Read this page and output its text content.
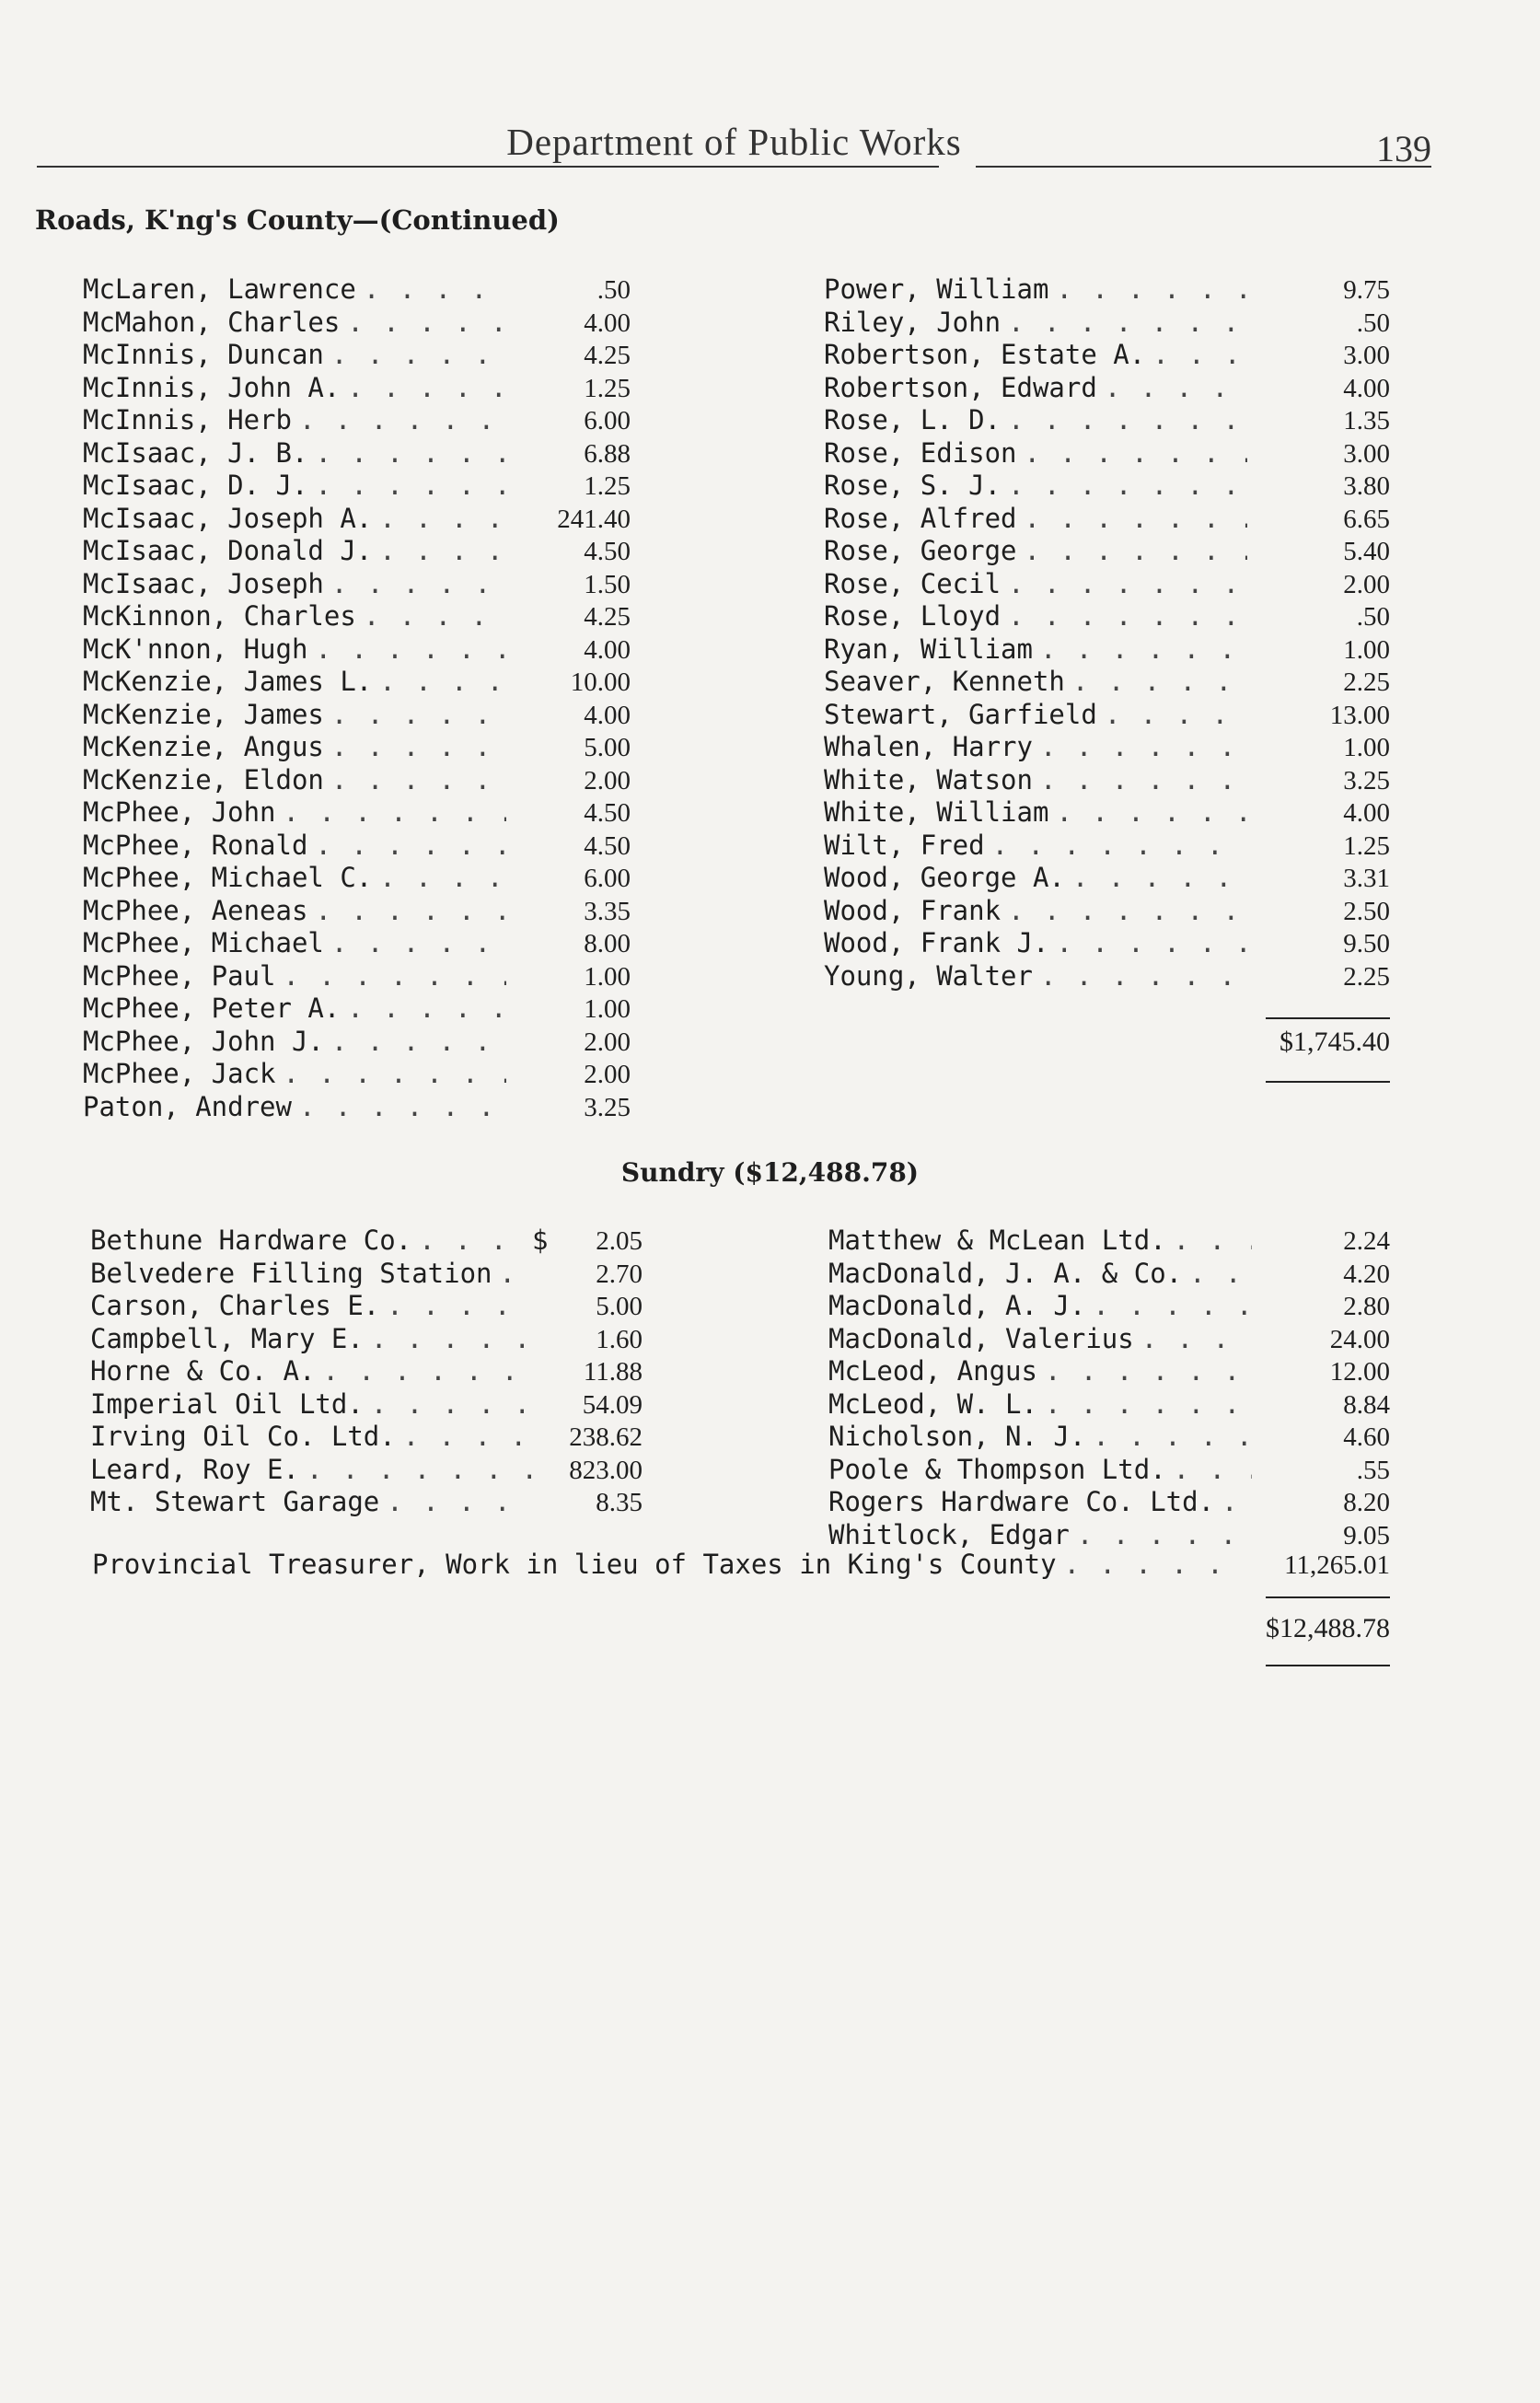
Department of Public Works	139
Roads, K'ng's County—(Continued)
McLaren, Lawrence . . .	.50
McMahon, Charles . . .	4.00
McInnis, Duncan . . .	4.25
McInnis, John A. . . .	1.25
McInnis, Herb . . .	6.00
McIsaac, J. B. . . .	6.88
McIsaac, D. J. . . .	1.25
McIsaac, Joseph A. . . .	241.40
McIsaac, Donald J. . . .	4.50
McIsaac, Joseph . . .	1.50
McKinnon, Charles . . .	4.25
McK'nnon, Hugh . . .	4.00
McKenzie, James L. . . .	10.00
McKenzie, James . . .	4.00
McKenzie, Angus . . .	5.00
McKenzie, Eldon . . .	2.00
McPhee, John . . .	4.50
McPhee, Ronald . . .	4.50
McPhee, Michael C. . . .	6.00
McPhee, Aeneas . . .	3.35
McPhee, Michael . . .	8.00
McPhee, Paul . . .	1.00
McPhee, Peter A. . . .	1.00
McPhee, John J. . . .	2.00
McPhee, Jack . . .	2.00
Paton, Andrew . . .	3.25
Power, William . . .	9.75
Riley, John . . .	.50
Robertson, Estate A. . . .	3.00
Robertson, Edward . . .	4.00
Rose, L. D. . . .	1.35
Rose, Edison . . .	3.00
Rose, S. J. . . .	3.80
Rose, Alfred . . .	6.65
Rose, George . . .	5.40
Rose, Cecil . . .	2.00
Rose, Lloyd . . .	.50
Ryan, William . . .	1.00
Seaver, Kenneth . . .	2.25
Stewart, Garfield . . .	13.00
Whalen, Harry . . .	1.00
White, Watson . . .	3.25
White, William . . .	4.00
Wilt, Fred . . .	1.25
Wood, George A. . . .	3.31
Wood, Frank . . .	2.50
Wood, Frank J. . . .	9.50
Young, Walter . . .	2.25
$1,745.40
Sundry ($12,488.78)
Bethune Hardware Co. . . .	$	2.05
Belvedere Filling Station . . .	2.70
Carson, Charles E. . . .	5.00
Campbell, Mary E. . . .	1.60
Horne & Co. A. . . .	11.88
Imperial Oil Ltd. . . .	54.09
Irving Oil Co. Ltd. . . .	238.62
Leard, Roy E. . . .	823.00
Mt. Stewart Garage . . .	8.35
Matthew & McLean Ltd. . . .	2.24
MacDonald, J. A. & Co. . . .	4.20
MacDonald, A. J. . . .	2.80
MacDonald, Valerius . . .	24.00
McLeod, Angus . . .	12.00
McLeod, W. L. . . .	8.84
Nicholson, N. J. . . .	4.60
Poole & Thompson Ltd. . . .	.55
Rogers Hardware Co. Ltd. . . .	8.20
Whitlock, Edgar . . .	9.05
Provincial Treasurer, Work in lieu of Taxes in King's County . . .	11,265.01
$12,488.78
